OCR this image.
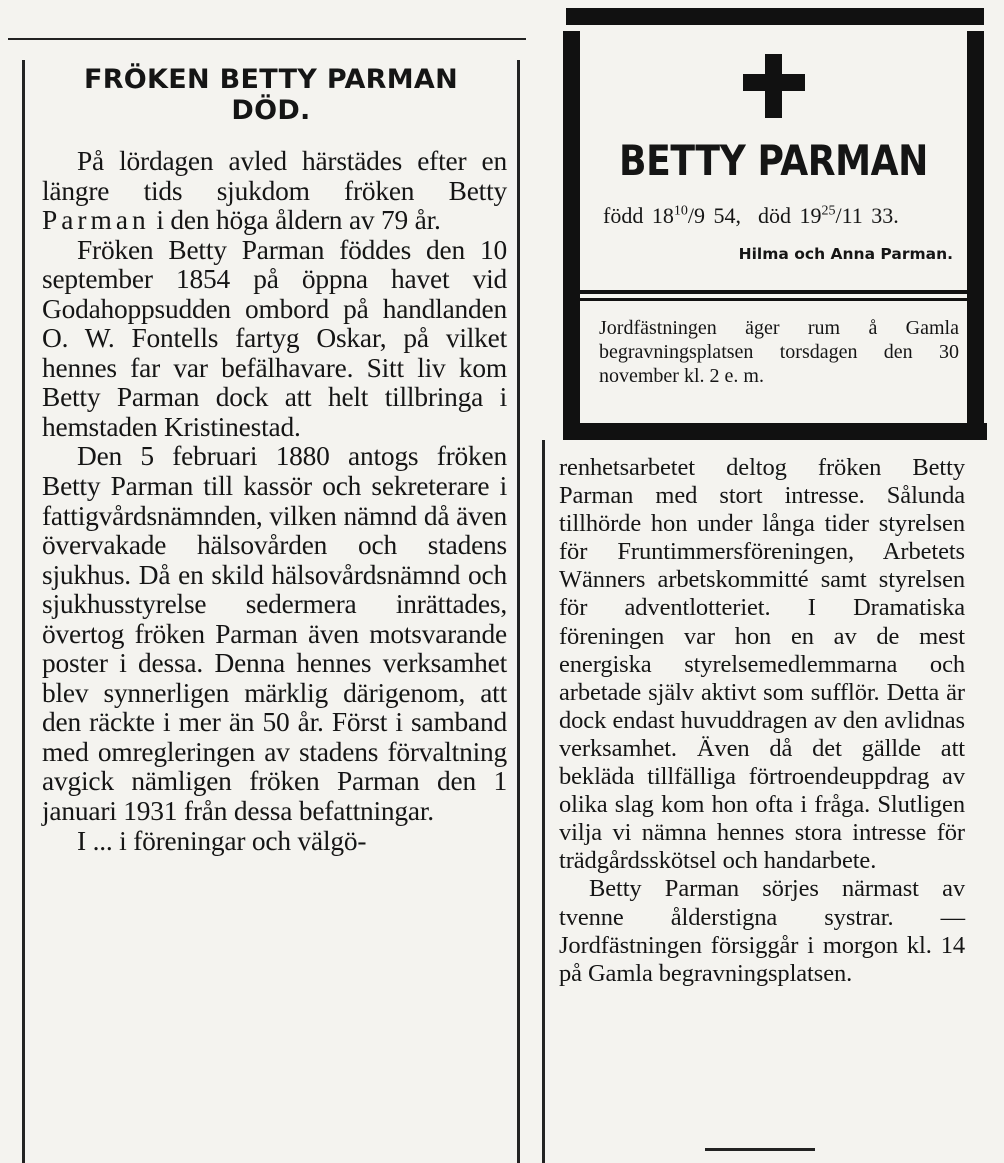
FRÖKEN BETTY PARMAN
DÖD.

På lördagen avled härstädes efter en längre tids sjukdom fröken Betty Parman i den höga åldern av 79 år.

Fröken Betty Parman föddes den 10 september 1854 på öppna havet vid Godahoppsudden ombord på handlanden O. W. Fontells fartyg Oskar, på vilket hennes far var befälhavare. Sitt liv kom Betty Parman dock att helt tillbringa i hemstaden Kristinestad.

Den 5 februari 1880 antogs fröken Betty Parman till kassör och sekreterare i fattigvårdsnämnden, vilken nämnd då även övervakade hälsovården och stadens sjukhus. Då en skild hälsovårdsnämnd och sjukhusstyrelse sedermera inrättades, övertog fröken Parman även motsvarande poster i dessa. Denna hennes verksamhet blev synnerligen märklig därigenom, att den räckte i mer än 50 år. Först i samband med omregleringen av stadens förvaltning avgick nämligen fröken Parman den 1 januari 1931 från dessa befattningar.

I ... i föreningar och välgö-

BETTY PARMAN
född $18^{10}/9$ 54, död $19^{25}/11$ 33.
Hilma och Anna Parman.
Jordfästningen äger rum å Gamla begravningsplatsen torsdagen den 30 november kl. 2 e. m.

renhetsarbetet deltog fröken Betty Parman med stort intresse. Sålunda tillhörde hon under långa tider styrelsen för Fruntimmersföreningen, Arbetets Wänners arbetskommitté samt styrelsen för adventlotteriet. I Dramatiska föreningen var hon en av de mest energiska styrelsemedlemmarna och arbetade själv aktivt som sufflör. Detta är dock endast huvuddragen av den avlidnas verksamhet. Även då det gällde att bekläda tillfälliga förtroendeuppdrag av olika slag kom hon ofta i fråga. Slutligen vilja vi nämna hennes stora intresse för trädgårdsskötsel och handarbete.

Betty Parman sörjes närmast av tvenne ålderstigna systrar. — Jordfästningen försiggår i morgon kl. 14 på Gamla begravningsplatsen.
